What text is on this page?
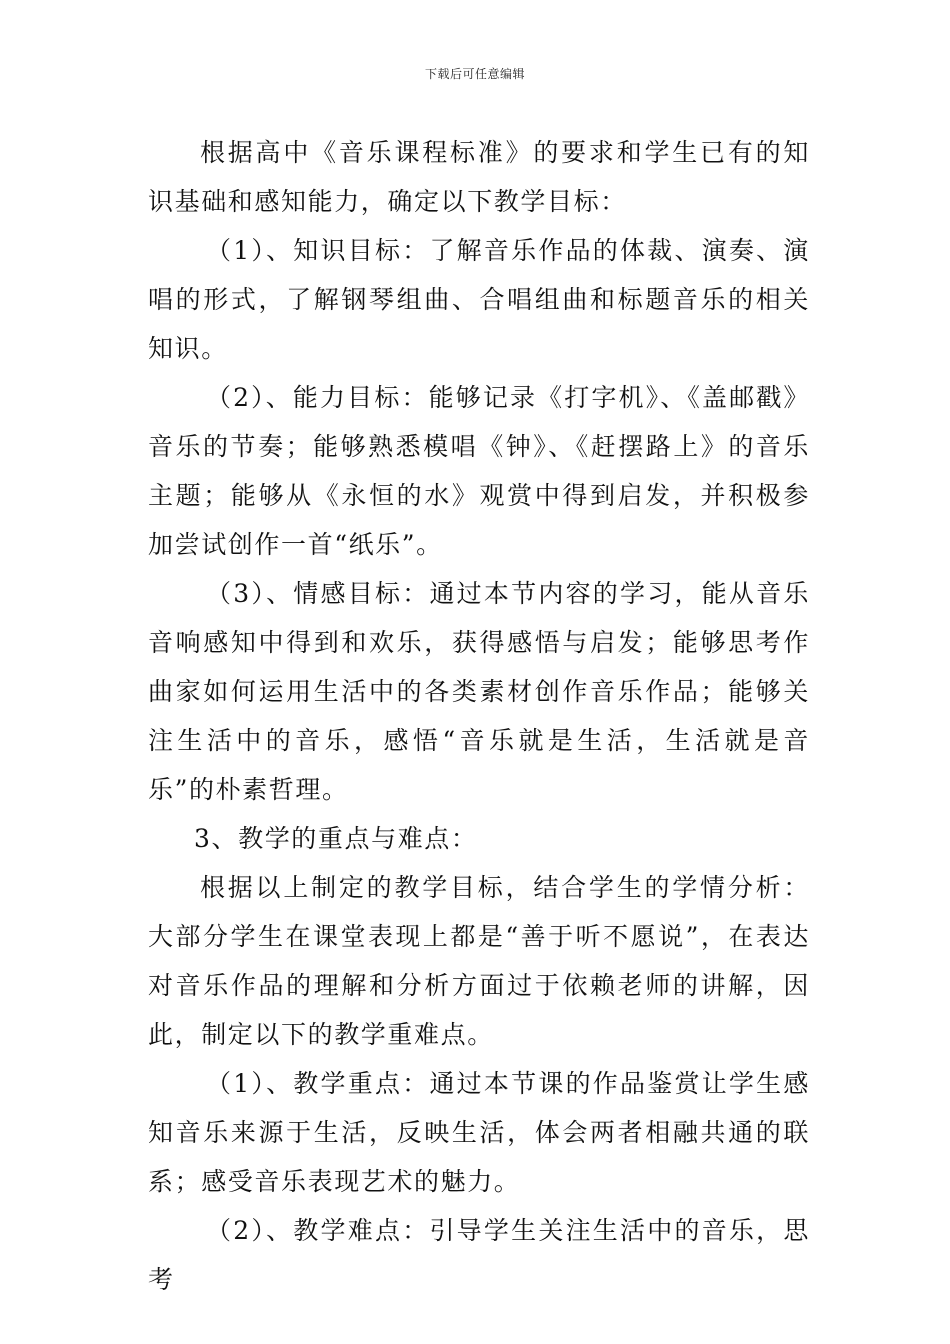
下载后可任意编辑

根据高中《音乐课程标准》的要求和学生已有的知识基础和感知能力，确定以下教学目标：

（1）、知识目标：了解音乐作品的体裁、演奏、演唱的形式，了解钢琴组曲、合唱组曲和标题音乐的相关知识。

（2）、能力目标：能够记录《打字机》、《盖邮戳》音乐的节奏；能够熟悉模唱《钟》、《赶摆路上》的音乐主题；能够从《永恒的水》观赏中得到启发，并积极参加尝试创作一首“纸乐”。

（3）、情感目标：通过本节内容的学习，能从音乐音响感知中得到和欢乐，获得感悟与启发；能够思考作曲家如何运用生活中的各类素材创作音乐作品；能够关注生活中的音乐，感悟“音乐就是生活，生活就是音乐”的朴素哲理。

3、教学的重点与难点：

根据以上制定的教学目标，结合学生的学情分析：大部分学生在课堂表现上都是“善于听不愿说”，在表达对音乐作品的理解和分析方面过于依赖老师的讲解，因此，制定以下的教学重难点。

（1）、教学重点：通过本节课的作品鉴赏让学生感知音乐来源于生活，反映生活，体会两者相融共通的联系；感受音乐表现艺术的魅力。

（2）、教学难点：引导学生关注生活中的音乐，思考
